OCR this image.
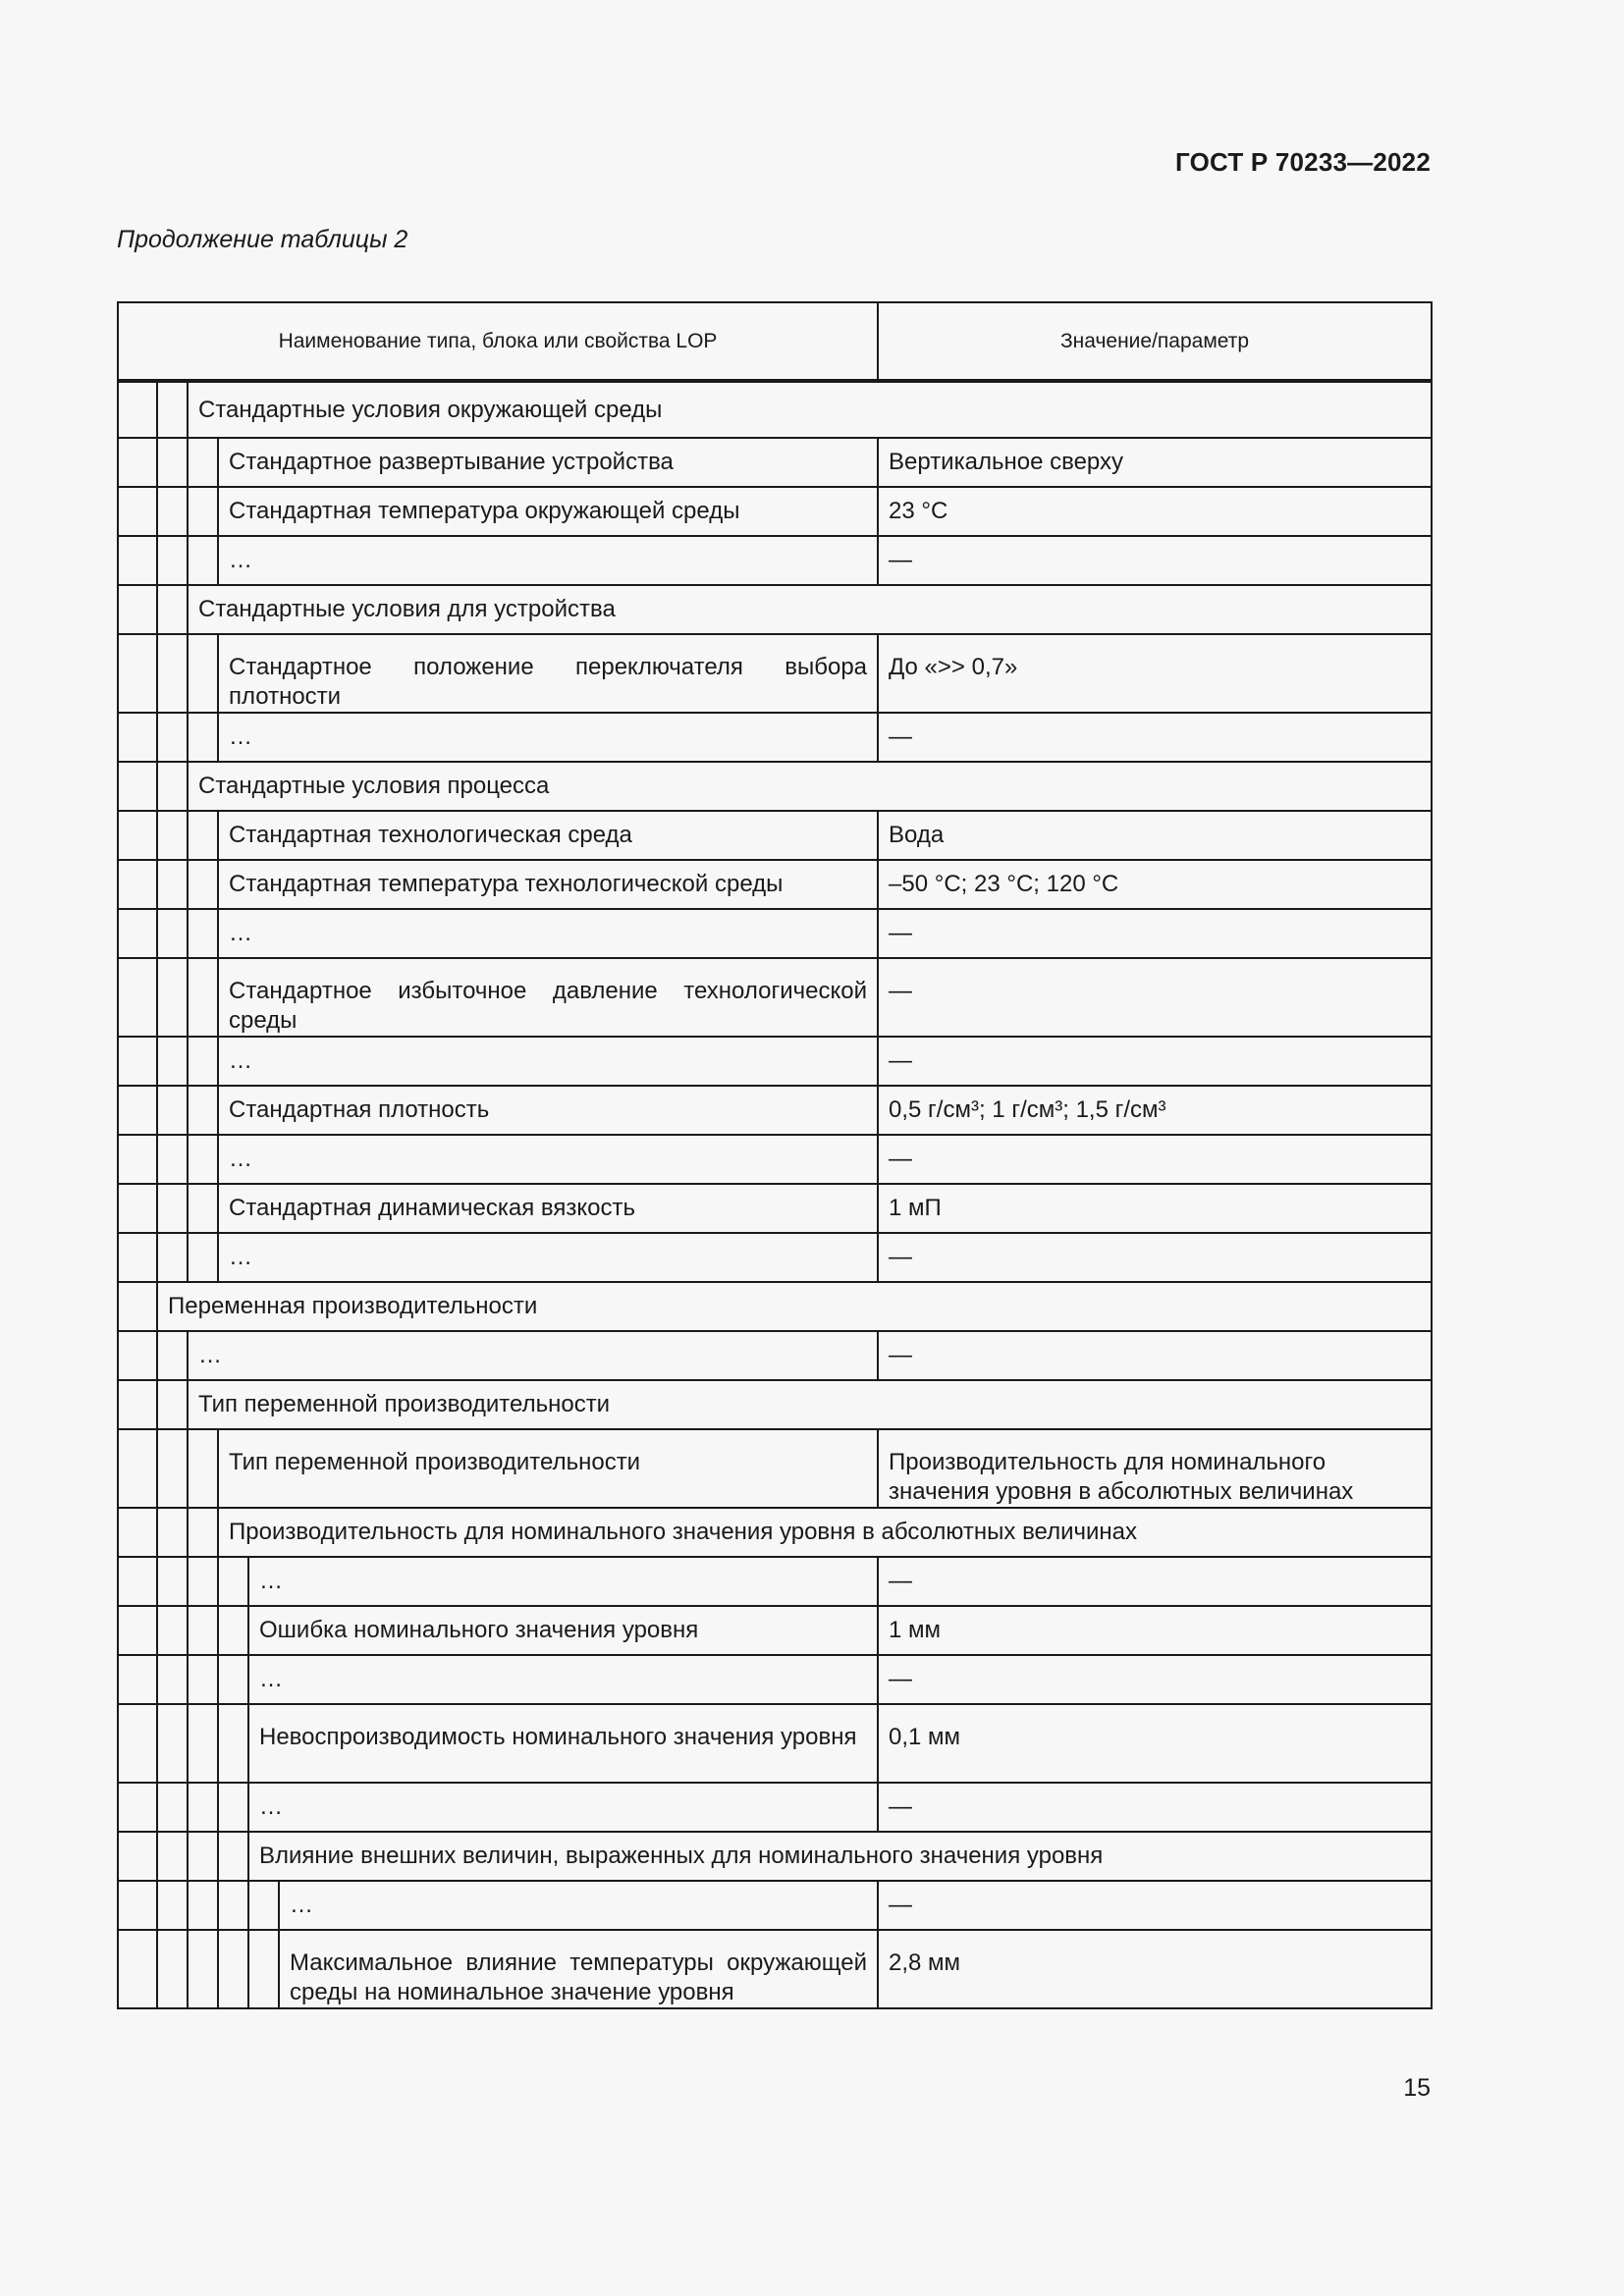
ГОСТ Р 70233—2022
Продолжение таблицы 2
Наименование типа, блока или свойства LOP						Значение/параметр
		Стандартные условия окружающей среды				
			Стандартное развертывание устройства			Вертикальное сверху
			Стандартная температура окружающей среды			23 °C
			…			—
		Стандартные условия для устройства				
			Стандартное положение переключателя выбора плотности			До «>> 0,7»
			…			—
		Стандартные условия процесса				
			Стандартная технологическая среда			Вода
			Стандартная температура технологической среды			–50 °C; 23 °C; 120 °C
			…			—
			Стандартное избыточное давление технологической среды			—
			…			—
			Стандартная плотность			0,5 г/см³; 1 г/см³; 1,5 г/см³
			…			—
			Стандартная динамическая вязкость			1 мП
			…			—
	Переменная производительности					
		…				—
		Тип переменной производительности				
			Тип переменной производительности			Производительность для номинального значения уровня в абсолютных величинах
			Производительность для номинального значения уровня в абсолютных величинах			
				…		—
				Ошибка номинального значения уровня		1 мм
				…		—
				Невоспроизводимость номинального значения уровня		0,1 мм
				…		—
				Влияние внешних величин, выраженных для номинального значения уровня		
					…	—
					Максимальное влияние температуры окружающей среды на номинальное значение уровня	2,8 мм
15
